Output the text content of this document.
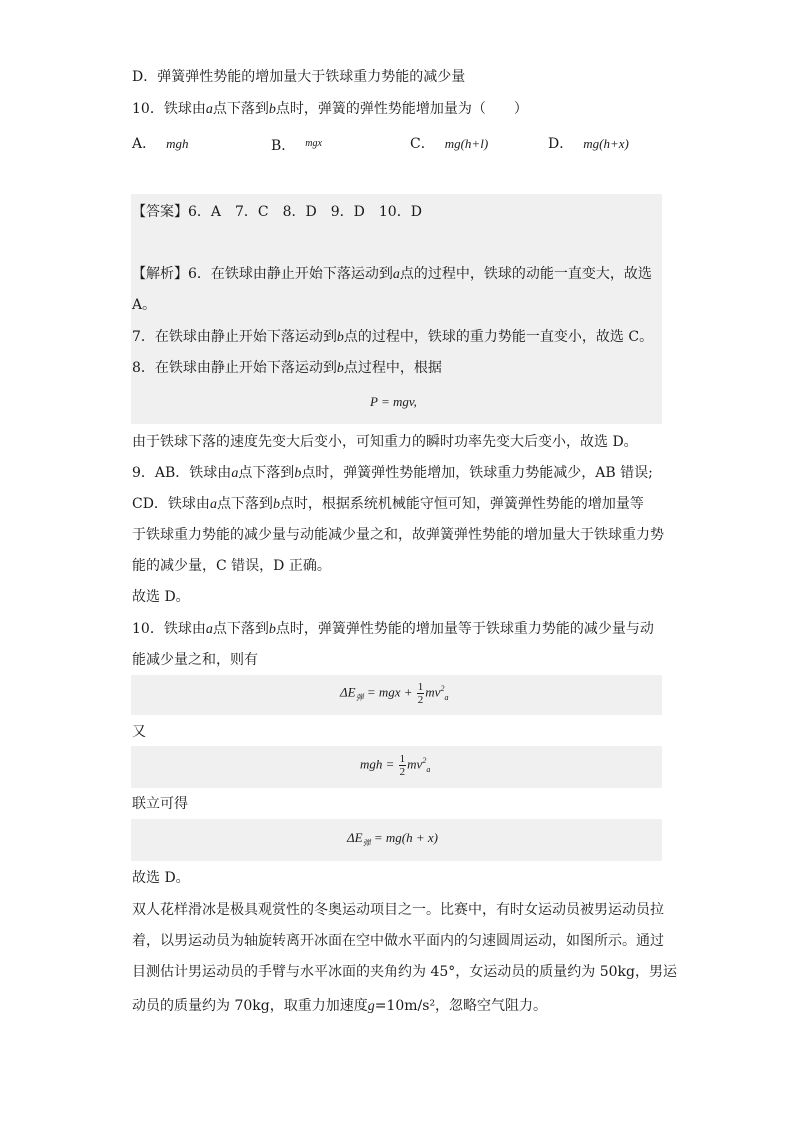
D．弹簧弹性势能的增加量大于铁球重力势能的减少量
10．铁球由a点下落到b点时，弹簧的弹性势能增加量为（　　）
A． mgh	B． $^{mgx}$	C． mg(h+l)	D． mg(h+x)
【答案】6．A　7．C　8．D　9．D　10．D
【解析】6．在铁球由静止开始下落运动到a点的过程中，铁球的动能一直变大，故选
A。
7．在铁球由静止开始下落运动到b点的过程中，铁球的重力势能一直变小，故选 C。
8．在铁球由静止开始下落运动到b点过程中，根据
P = mgv,
由于铁球下落的速度先变大后变小，可知重力的瞬时功率先变大后变小，故选 D。
9．AB．铁球由a点下落到b点时，弹簧弹性势能增加，铁球重力势能减少，AB 错误;
CD．铁球由a点下落到b点时，根据系统机械能守恒可知，弹簧弹性势能的增加量等
于铁球重力势能的减少量与动能减少量之和，故弹簧弹性势能的增加量大于铁球重力势
能的减少量，C 错误，D 正确。
故选 D。
10．铁球由a点下落到b点时，弹簧弹性势能的增加量等于铁球重力势能的减少量与动
能减少量之和，则有
$\Delta E_弹$ = mgx + $\frac{1}{2} mv^2_a$
又
mgh = $\frac{1}{2} mv^2_a$
联立可得
$\Delta E_弹 = mg(h + x)$
故选 D。
双人花样滑冰是极具观赏性的冬奥运动项目之一。比赛中，有时女运动员被男运动员拉
着，以男运动员为轴旋转离开冰面在空中做水平面内的匀速圆周运动，如图所示。通过
目测估计男运动员的手臂与水平冰面的夹角约为 45°，女运动员的质量约为 50kg，男运
动员的质量约为 70kg，取重力加速度g=10m/s²，忽略空气阻力。
